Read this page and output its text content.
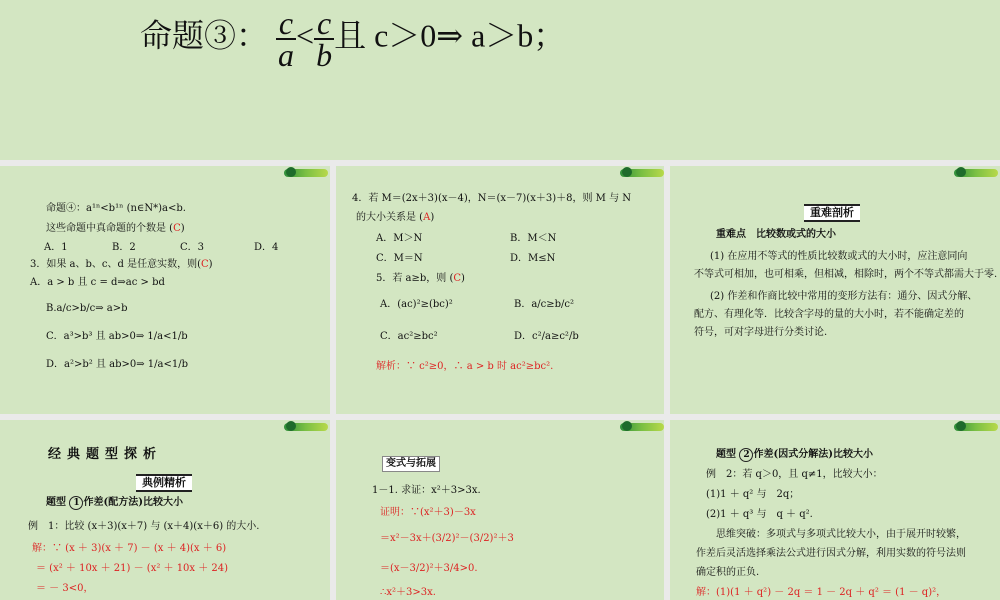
命题③： $\frac{c}{a} < \frac{c}{b}$ 且 c＞0⇒ a＞b；
命题④：a¹ⁿ<b¹ⁿ (n∈N*)a<b.
这些命题中真命题的个数是 (C)
A．1	B．2	C．3	D．4
3．如果 a、b、c、d 是任意实数，则(C)
A．a > b 且 c = d⇒ac > bd
B.a/c>b/c⇒ a>b
C．a³>b³ 且 ab>0⇒ 1/a<1/b
D．a²>b² 且 ab>0⇒ 1/a<1/b
4．若 M＝(2x＋3)(x－4)，N＝(x－7)(x＋3)＋8，则 M 与 N
的大小关系是 (A)
A．M＞N	B．M＜N
C．M＝N	D．M≤N
5．若 a≥b，则 (C)
A．(ac)²≥(bc)²	B．a/c≥b/c²
C．ac²≥bc²	D．c²/a≥c²/b
解析：∵ c²≥0，∴ a > b 时 ac²≥bc².
重难剖析
重难点　比较数或式的大小
(1) 在应用不等式的性质比较数或式的大小时，应注意同向
不等式可相加，也可相乘，但相减，相除时，两个不等式都需大于零.
(2) 作差和作商比较中常用的变形方法有：通分、因式分解、
配方、有理化等．比较含字母的量的大小时，若不能确定差的
符号，可对字母进行分类讨论.
经典题型探析
典例精析
题型 1 作差(配方法)比较大小
例　1：比较 (x＋3)(x＋7) 与 (x＋4)(x＋6) 的大小.
解：∵ (x ＋ 3)(x ＋ 7) － (x ＋ 4)(x ＋ 6)
＝ (x² ＋ 10x ＋ 21) － (x² ＋ 10x ＋ 24)
＝ － 3<0，
变式与拓展
1－1. 求证：x²＋3>3x.
证明：∵(x²＋3)－3x
＝x²－3x＋(3/2)²－(3/2)²＋3
＝(x－3/2)²＋3/4>0.
∴x²＋3>3x.
题型 2 作差(因式分解法)比较大小
例　2：若 q＞0，且 q≠1，比较大小：
(1)1 ＋ q² 与　2q；
(2)1 ＋ q³ 与　q ＋ q².
思维突破：多项式与多项式比较大小，由于展开时较繁，
作差后灵活选择乘法公式进行因式分解，利用实数的符号法则
确定积的正负.
解：(1)(1 ＋ q²) － 2q ＝ 1 － 2q ＋ q² ＝ (1 － q)²，
